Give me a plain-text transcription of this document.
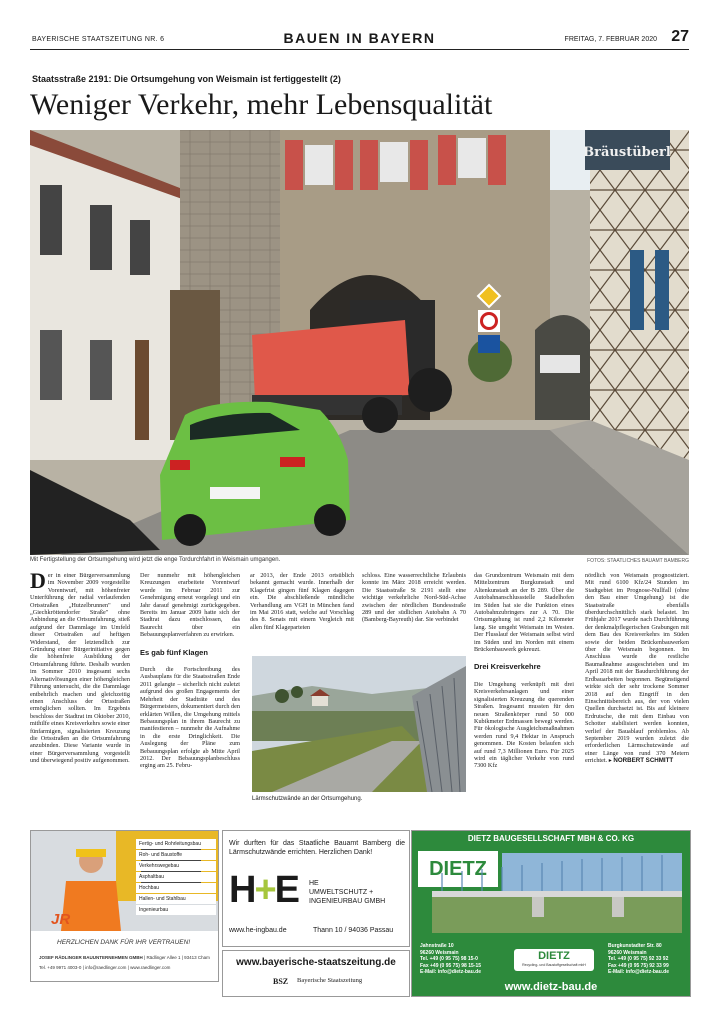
BAYERISCHE STAATSZEITUNG NR. 6	BAUEN IN BAYERN	FREITAG, 7. FEBRUAR 2020 27
Staatsstraße 2191: Die Ortsumgehung von Weismain ist fertiggestellt (2)
Weniger Verkehr, mehr Lebensqualität
Bräustüberl
Mit Fertigstellung der Ortsumgehung wird jetzt die enge Tordurchfahrt in Weismain umgangen.	FOTOS: STAATLICHES BAUAMT BAMBERG

Der in einer Bürgerversammlung im November 2009 vorgestellte Vorentwurf, mit höhenfreier Unterführung der radial verlaufenden Ortsstraßen „Hutzelbrunnen" und „Giechkröttendorfer Straße" ohne Anbindung an die Ortsumfahrung, stieß aufgrund der Dammlage im Umfeld dieser Ortsstraßen auf heftigen Widerstand, der letztendlich zur Gründung einer Bürgerinitiative gegen die höhenfreie Ausbildung der Ortsumfahrung führte. Deshalb wurden im Sommer 2010 insgesamt sechs Alternativlösungen einer höhengleichen Führung untersucht, die die Dammlage entbehrlich machen und gleichzeitig einen Anschluss der Ortsstraßen ermöglichen sollten. Im Ergebnis beschloss der Stadtrat im Oktober 2010, mithilfe eines Kreisverkehrs sowie einer fünfarmigen, signalisierten Kreuzung die Ortsstraßen an die Ortsumfahrung anzubinden. Diese Variante wurde in einer Bürgerversammlung vorgestellt und überwiegend positiv aufgenommen.

Der nunmehr mit höhengleichen Kreuzungen erarbeitete Vorentwurf wurde im Februar 2011 zur Genehmigung erneut vorgelegt und ein Jahr darauf genehmigt zurückgegeben. Bereits im Januar 2009 hatte sich der Stadtrat dazu entschlossen, das Baurecht über ein Bebauungsplanverfahren zu erwirken.

Es gab fünf Klagen

Durch die Fortschreibung des Ausbauplans für die Staatsstraßen Ende 2011 gelangte – sicherlich nicht zuletzt aufgrund des großen Engagements der Mehrheit der Stadträte und des Bürgermeisters, dokumentiert durch den erklärten Willen, die Umgehung mittels Bebauungsplan in ihrem Baurecht zu manifestieren – nunmehr die Aufnahme in die erste Dringlichkeit. Die Auslegung der Pläne zum Bebauungsplan erfolgte ab Mitte April 2012. Der Bebauungsplanbeschluss erging am 25. Febru-

ar 2013, der Ende 2013 ortsüblich bekannt gemacht wurde. Innerhalb der Klagefrist gingen fünf Klagen dagegen ein. Die abschließende mündliche Verhandlung am VGH in München fand im Mai 2016 statt, welche auf Vorschlag des 8. Senats mit einem Vergleich mit allen fünf Klageparteien

schloss. Eine wasserrechtliche Erlaubnis konnte im März 2018 erreicht werden. Die Staatsstraße St 2191 stellt eine wichtige verkehrliche Nord-Süd-Achse zwischen der nördlichen Bundesstraße 289 und der südlichen Autobahn A 70 (Bamberg-Bayreuth) dar. Sie verbindet

das Grundzentrum Weismain mit dem Mittelzentrum Burgkunstadt und Altenkunstadt an der B 289. Über die Autobahnanschlussstelle Stadelhofen im Süden hat sie die Funktion eines Autobahnzubringers zur A 70. Die Ortsumgehung ist rund 2,2 Kilometer lang. Sie umgeht Weismain im Westen. Der Flusslauf der Weismain selbst wird im Süden und im Norden mit einem Brückenbauwerk gekreuzt.

Drei Kreisverkehre

Die Umgehung verknüpft mit drei Kreisverkehrsanlagen und einer signalisierten Kreuzung die querenden Straßen. Insgesamt mussten für den neuen Straßenkörper rund 50 000 Kubikmeter Erdmassen bewegt werden. Für ökologische Ausgleichsmaßnahmen werden rund 9,4 Hektar in Anspruch genommen. Die Kosten belaufen sich auf rund 7,3 Millionen Euro. Für 2025 wird ein täglicher Verkehr von rund 7300 Kfz

nördlich von Weismain prognostiziert. Mit rund 6100 Kfz/24 Stunden im Stadtgebiet im Prognose-Nullfall (ohne den Bau einer Umgehung) ist die Staatsstraße ebenfalls überdurchschnittlich stark belastet. Im Frühjahr 2017 wurde nach Durchführung der denkmalpflegerischen Grabungen mit dem Bau des Kreisverkehrs im Süden sowie der beiden Brückenbauwerken über die Weismain begonnen. Im Anschluss wurde die restliche Baumaßnahme ausgeschrieben und im April 2018 mit der Baudurchführung der Erdbauarbeiten begonnen. Begünstigend wirkte sich der sehr trockene Sommer 2018 auf den Eingriff in den Einschnittsbereich aus, der von vielen Quellen durchsetzt ist. Bis auf kleinere Erdrutsche, die mit dem Einbau von Schotter stabilisiert werden konnten, verlief der Bauablauf problemlos. Ab September 2019 wurden zuletzt die erforderlichen Lärmschutzwände auf einer Länge von rund 370 Metern errichtet. ▸ NORBERT SCHMITT

Lärmschutzwände an der Ortsumgehung.
Fertig- und Rohrleitungsbau
Roh- und Baustoffe
Verkehrswegebau
Asphaltbau
Hochbau
Hallen- und Stahlbau
Ingenieurbau
JR
HERZLICHEN DANK FÜR IHR VERTRAUEN!
JOSEF RÄDLINGER BAUUNTERNEHMEN GMBH | Rädlinger Allee 1 | 93413 Cham
Tel. +49 9971 4003-0 | info@raedlinger.com | www.raedlinger.com
Wir durften für das Staatliche Bauamt Bamberg die Lärmschutzwände errichten. Herzlichen Dank!
H+E HE
UMWELTSCHUTZ +
INGENIEURBAU GMBH
www.he-ingbau.de	Thann 10 / 94036 Passau
www.bayerische-staatszeitung.de
BSZ Bayerische Staatszeitung
DIETZ BAUGESELLSCHAFT MBH & CO. KG
DIETZ
Jahnstraße 10
96260 Weismain
Tel. +49 (0 95 75) 98 15-0
Fax +49 (0 95 75) 98 15-15
E-Mail: info@dietz-bau.de
DIETZ
Recycling- und Baustoffgesellschaft mbH
Burgkunstadter Str. 80
96260 Weismain
Tel. +49 (0 95 75) 92 33 92
Fax +49 (0 95 75) 92 33 99
E-Mail: info@dietz-bau.de
www.dietz-bau.de
